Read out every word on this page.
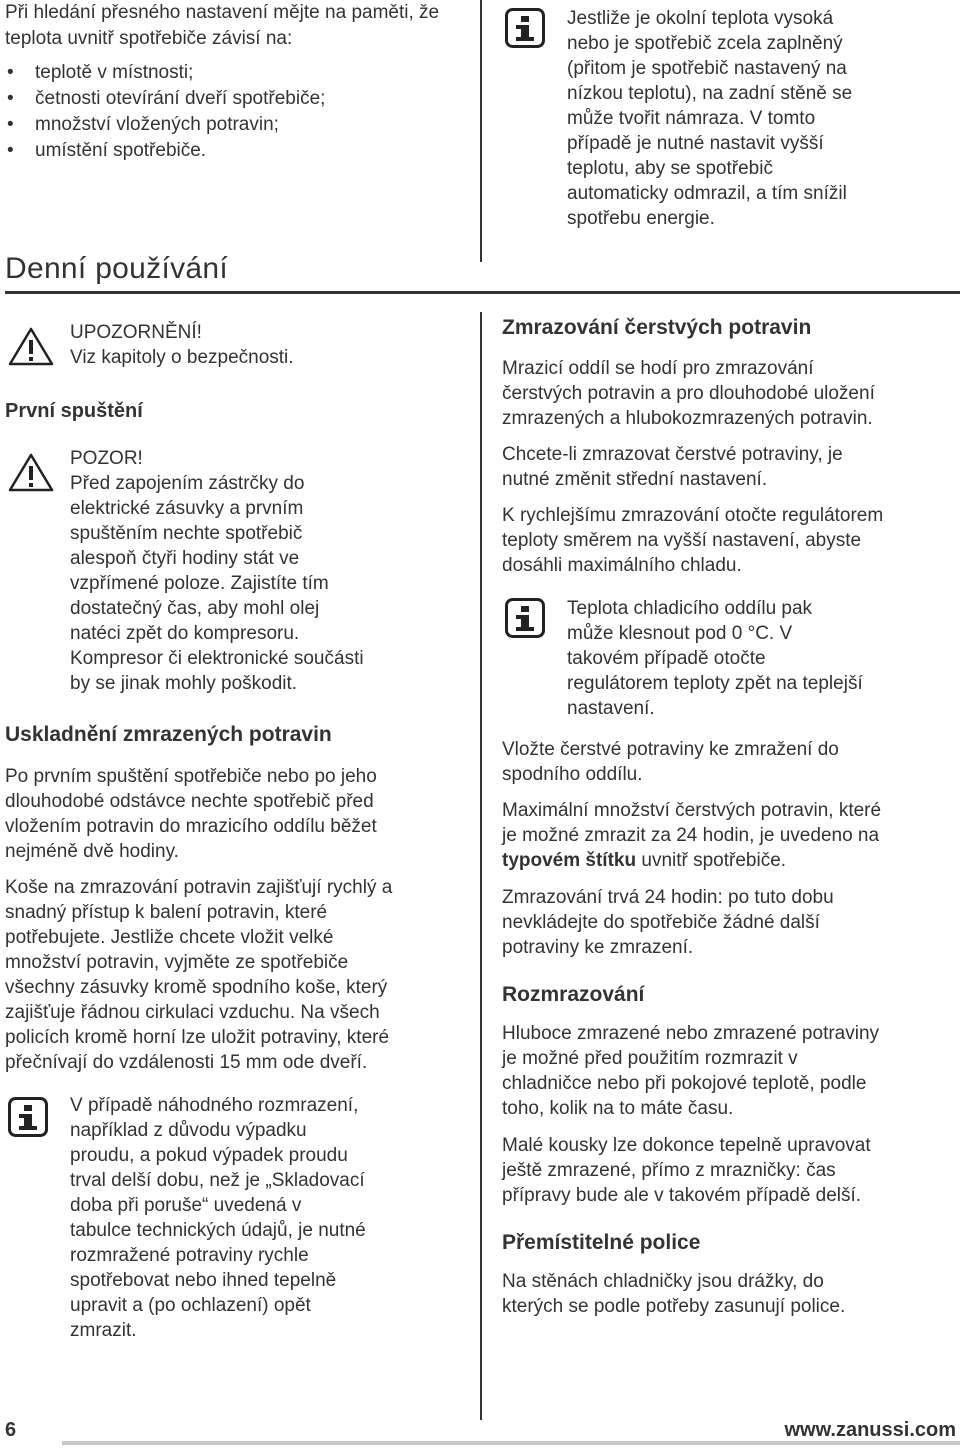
Při hledání přesného nastavení mějte na paměti, že teplota uvnitř spotřebiče závisí na:

• teplotě v místnosti;
• četnosti otevírání dveří spotřebiče;
• množství vložených potravin;
• umístění spotřebiče.
Jestliže je okolní teplota vysoká
nebo je spotřebič zcela zaplněný
(přitom je spotřebič nastavený na
nízkou teplotu), na zadní stěně se
může tvořit námraza. V tomto
případě je nutné nastavit vyšší
teplotu, aby se spotřebič
automaticky odmrazil, a tím snížil
spotřebu energie.
Denní používání
UPOZORNĚNÍ!
Viz kapitoly o bezpečnosti.
První spuštění
POZOR!
Před zapojením zástrčky do
elektrické zásuvky a prvním
spuštěním nechte spotřebič
alespoň čtyři hodiny stát ve
vzpřímené poloze. Zajistíte tím
dostatečný čas, aby mohl olej
natéci zpět do kompresoru.
Kompresor či elektronické součásti
by se jinak mohly poškodit.
Uskladnění zmrazených potravin
Po prvním spuštění spotřebiče nebo po jeho
dlouhodobé odstávce nechte spotřebič před
vložením potravin do mrazicího oddílu běžet
nejméně dvě hodiny.
Koše na zmrazování potravin zajišťují rychlý a
snadný přístup k balení potravin, které
potřebujete. Jestliže chcete vložit velké
množství potravin, vyjměte ze spotřebiče
všechny zásuvky kromě spodního koše, který
zajišťuje řádnou cirkulaci vzduchu. Na všech
policích kromě horní lze uložit potraviny, které
přečnívají do vzdálenosti 15 mm ode dveří.
V případě náhodného rozmrazení,
například z důvodu výpadku
proudu, a pokud výpadek proudu
trval delší dobu, než je „Skladovací
doba při poruše“ uvedená v
tabulce technických údajů, je nutné
rozmražené potraviny rychle
spotřebovat nebo ihned tepelně
upravit a (po ochlazení) opět
zmrazit.
Zmrazování čerstvých potravin
Mrazicí oddíl se hodí pro zmrazování
čerstvých potravin a pro dlouhodobé uložení
zmrazených a hlubokozmrazených potravin.
Chcete-li zmrazovat čerstvé potraviny, je
nutné změnit střední nastavení.
K rychlejšímu zmrazování otočte regulátorem
teploty směrem na vyšší nastavení, abyste
dosáhli maximálního chladu.
Teplota chladicího oddílu pak
může klesnout pod 0 °C. V
takovém případě otočte
regulátorem teploty zpět na teplejší
nastavení.
Vložte čerstvé potraviny ke zmražení do
spodního oddílu.
Maximální množství čerstvých potravin, které
je možné zmrazit za 24 hodin, je uvedeno na
typovém štítku uvnitř spotřebiče.
Zmrazování trvá 24 hodin: po tuto dobu
nevkládejte do spotřebiče žádné další
potraviny ke zmrazení.
Rozmrazování
Hluboce zmrazené nebo zmrazené potraviny
je možné před použitím rozmrazit v
chladničce nebo při pokojové teplotě, podle
toho, kolik na to máte času.
Malé kousky lze dokonce tepelně upravovat
ještě zmrazené, přímo z mrazničky: čas
přípravy bude ale v takovém případě delší.
Přemístitelné police
Na stěnách chladničky jsou drážky, do
kterých se podle potřeby zasunují police.
6	www.zanussi.com
